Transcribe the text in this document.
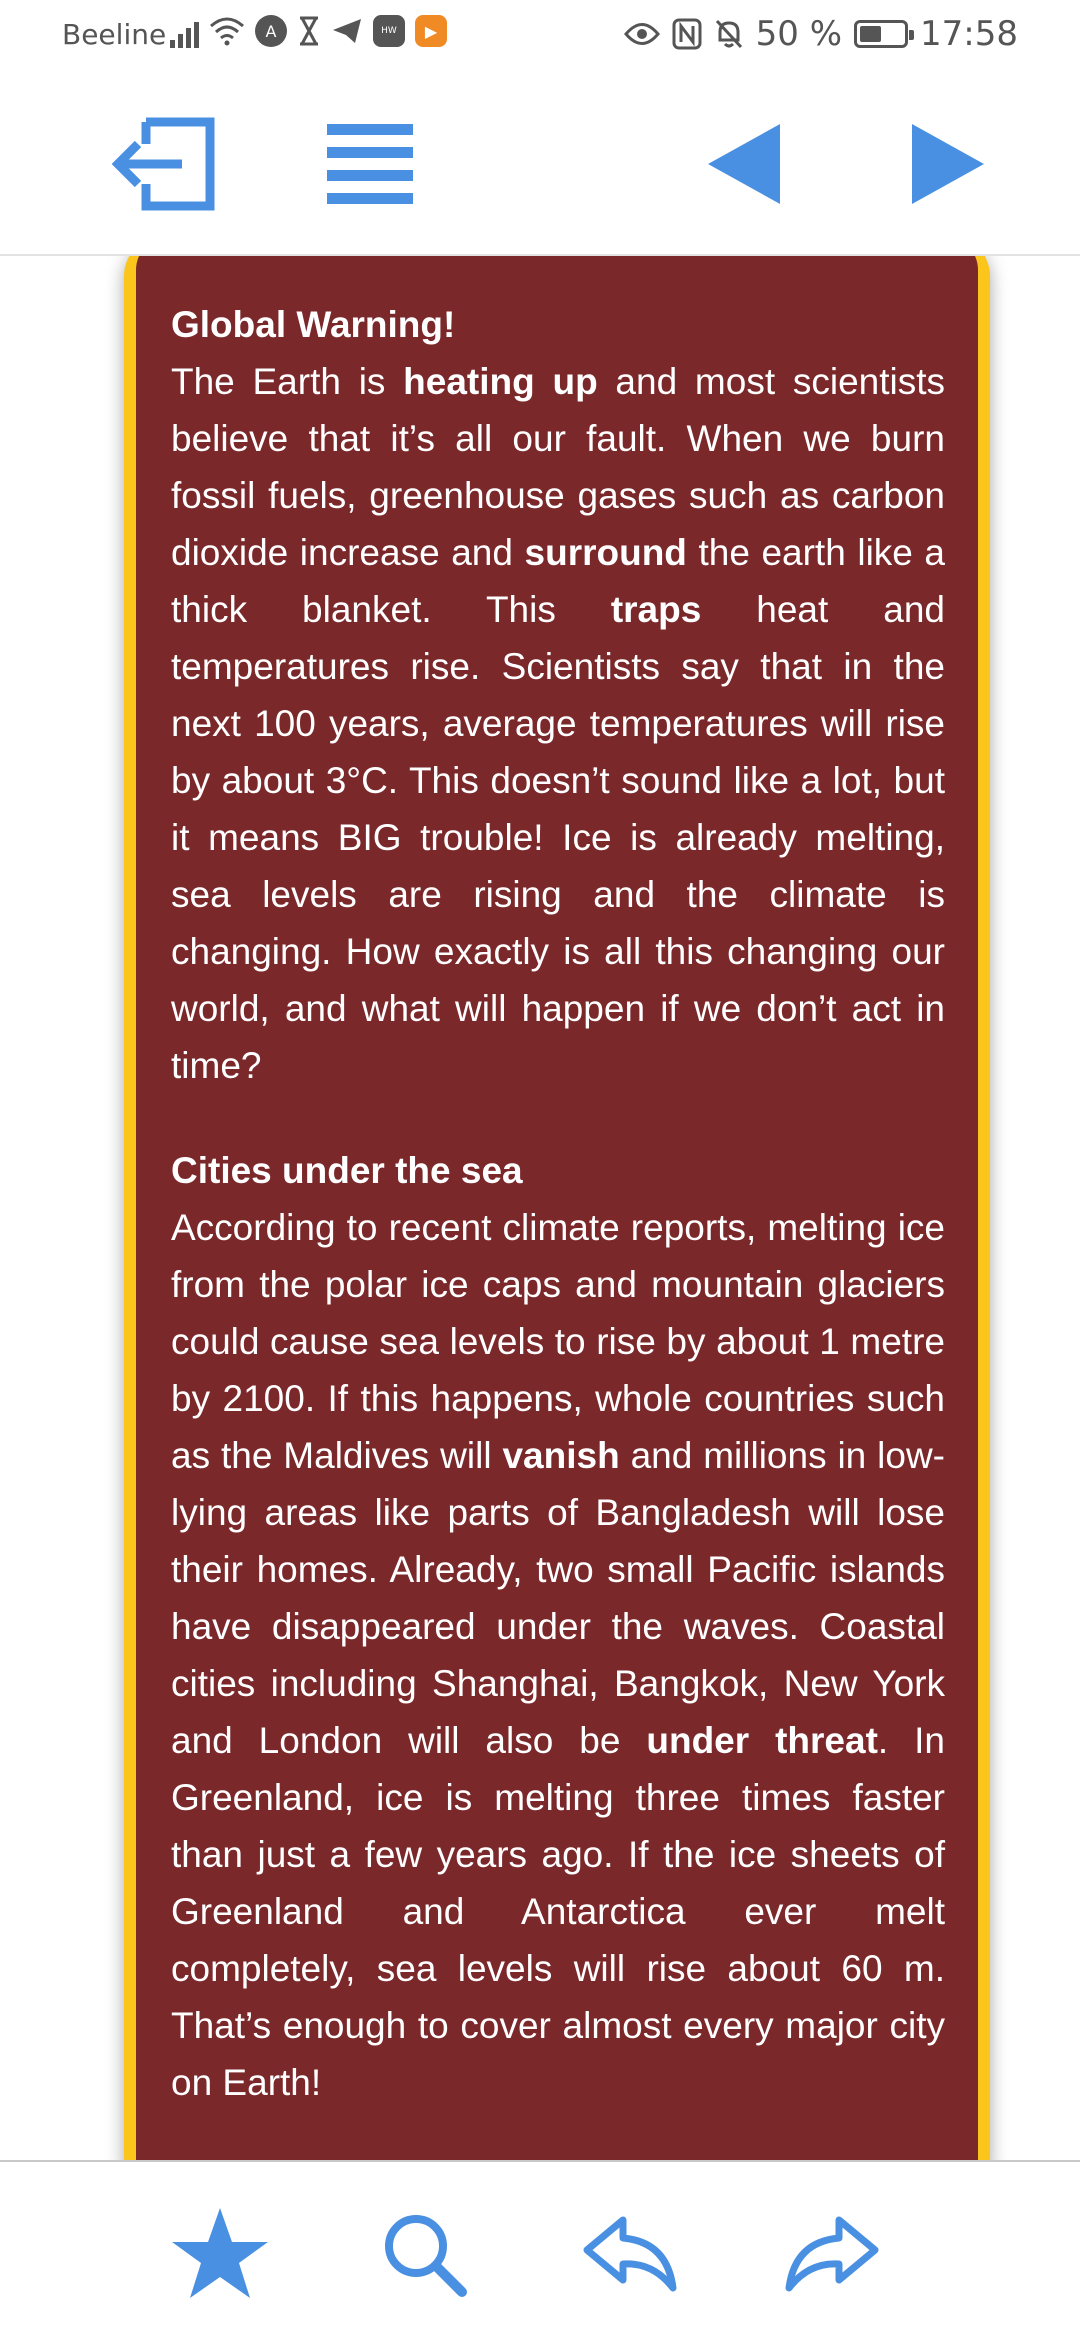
Beeline	A	HW	▶	50 % 17:58
Global Warning!

The Earth is heating up and most scientists believe that it’s all our fault. When we burn fossil fuels, greenhouse gases such as carbon dioxide increase and surround the earth like a thick blanket. This traps heat and temperatures rise. Scientists say that in the next 100 years, average temperatures will rise by about 3°C. This doesn’t sound like a lot, but it means BIG trouble! Ice is already melting, sea levels are rising and the climate is changing. How exactly is all this changing our world, and what will happen if we don’t act in time?

Cities under the sea

According to recent climate reports, melting ice from the polar ice caps and mountain glaciers could cause sea levels to rise by about 1 metre by 2100. If this happens, whole countries such as the Maldives will vanish and millions in low-lying areas like parts of Bangladesh will lose their homes. Already, two small Pacific islands have disappeared under the waves. Coastal cities including Shanghai, Bangkok, New York and London will also be under threat. In Greenland, ice is melting three times faster than just a few years ago. If the ice sheets of Greenland and Antarctica ever melt completely, sea levels will rise about 60 m. That’s enough to cover almost every major city on Earth!
